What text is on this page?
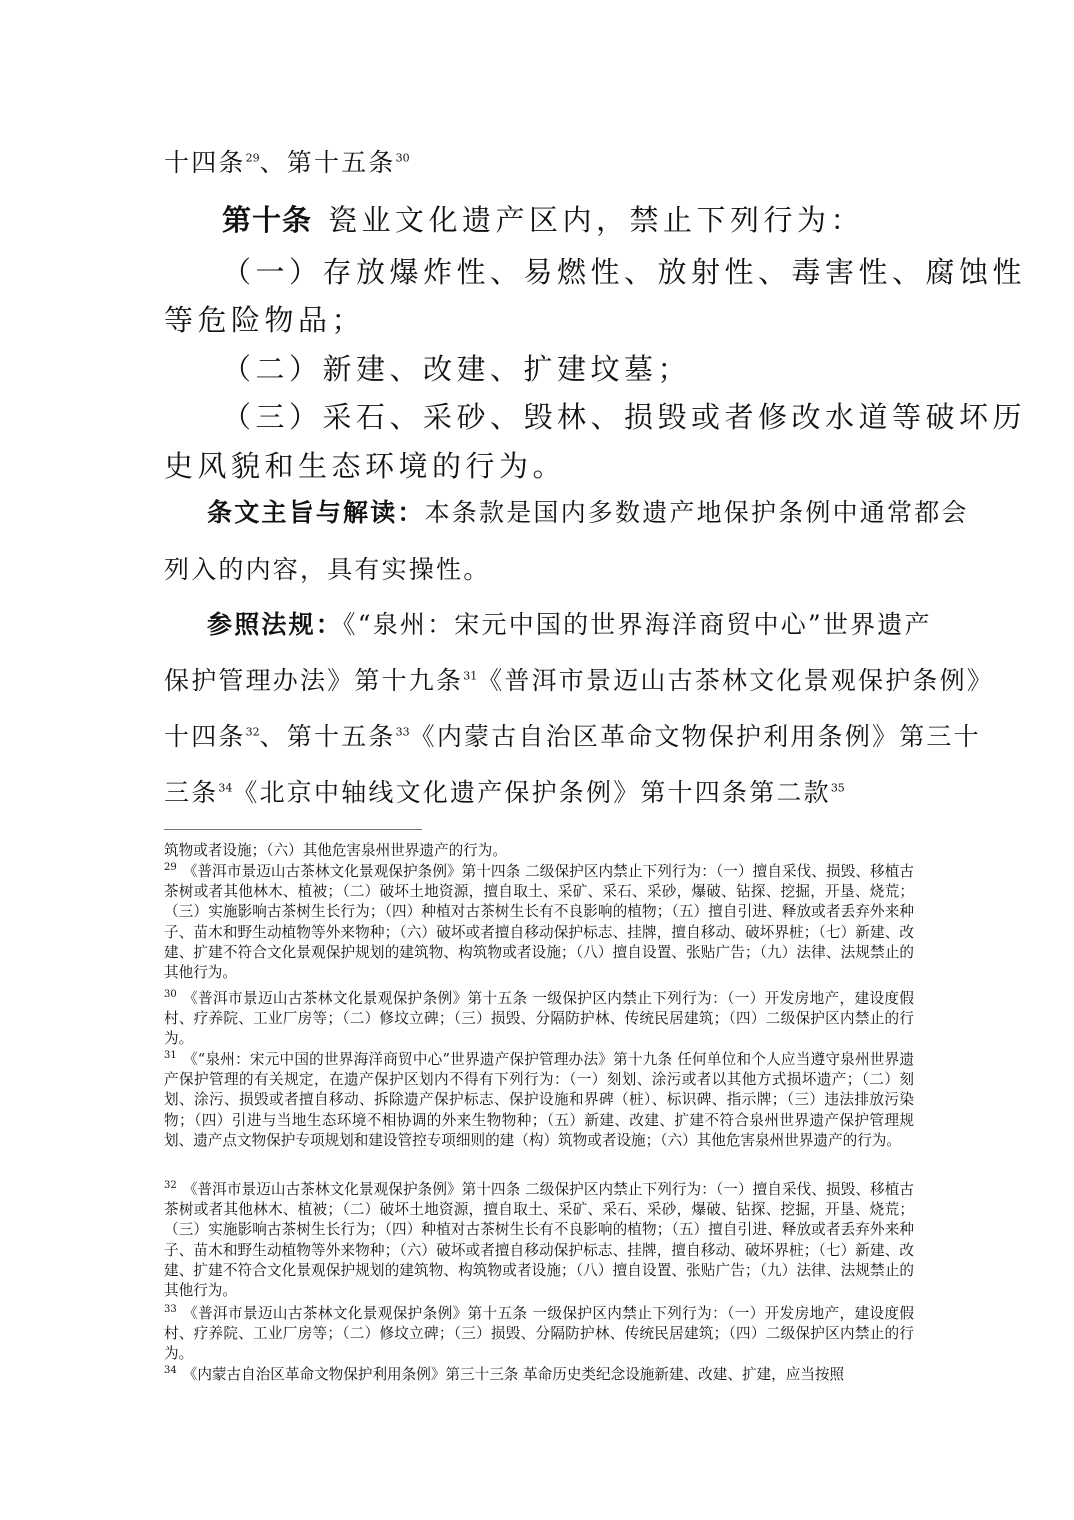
十四条$^{29}$、第十五条$^{30}$
第十条 瓷业文化遗产区内，禁止下列行为：
（一）存放爆炸性、易燃性、放射性、毒害性、腐蚀性
等危险物品；
（二）新建、改建、扩建坟墓；
（三）采石、采砂、毁林、损毁或者修改水道等破坏历
史风貌和生态环境的行为。
条文主旨与解读：本条款是国内多数遗产地保护条例中通常都会
列入的内容，具有实操性。
参照法规：《“泉州：宋元中国的世界海洋商贸中心”世界遗产
保护管理办法》第十九条$^{31}$《普洱市景迈山古茶林文化景观保护条例》
十四条$^{32}$、第十五条$^{33}$《内蒙古自治区革命文物保护利用条例》第三十
三条$^{34}$《北京中轴线文化遗产保护条例》第十四条第二款$^{35}$
筑物或者设施；（六）其他危害泉州世界遗产的行为。
$^{29}$ 《普洱市景迈山古茶林文化景观保护条例》第十四条 二级保护区内禁止下列行为：（一）擅自采伐、损毁、移植古茶树或者其他林木、植被；（二）破坏土地资源，擅自取土、采矿、采石、采砂，爆破、钻探、挖掘，开垦、烧荒；（三）实施影响古茶树生长行为；（四）种植对古茶树生长有不良影响的植物；（五）擅自引进、释放或者丢弃外来种子、苗木和野生动植物等外来物种；（六）破坏或者擅自移动保护标志、挂牌，擅自移动、破坏界桩；（七）新建、改建、扩建不符合文化景观保护规划的建筑物、构筑物或者设施；（八）擅自设置、张贴广告；（九）法律、法规禁止的其他行为。
$^{30}$ 《普洱市景迈山古茶林文化景观保护条例》第十五条 一级保护区内禁止下列行为：（一）开发房地产，建设度假村、疗养院、工业厂房等；（二）修坟立碑；（三）损毁、分隔防护林、传统民居建筑；（四）二级保护区内禁止的行为。
$^{31}$ 《“泉州：宋元中国的世界海洋商贸中心”世界遗产保护管理办法》第十九条 任何单位和个人应当遵守泉州世界遗产保护管理的有关规定，在遗产保护区划内不得有下列行为：（一）刻划、涂污或者以其他方式损坏遗产；（二）刻划、涂污、损毁或者擅自移动、拆除遗产保护标志、保护设施和界碑（桩）、标识碑、指示牌；（三）违法排放污染物；（四）引进与当地生态环境不相协调的外来生物物种；（五）新建、改建、扩建不符合泉州世界遗产保护管理规划、遗产点文物保护专项规划和建设管控专项细则的建（构）筑物或者设施；（六）其他危害泉州世界遗产的行为。
$^{32}$ 《普洱市景迈山古茶林文化景观保护条例》第十四条 二级保护区内禁止下列行为：（一）擅自采伐、损毁、移植古茶树或者其他林木、植被；（二）破坏土地资源，擅自取土、采矿、采石、采砂，爆破、钻探、挖掘，开垦、烧荒；（三）实施影响古茶树生长行为；（四）种植对古茶树生长有不良影响的植物；（五）擅自引进、释放或者丢弃外来种子、苗木和野生动植物等外来物种；（六）破坏或者擅自移动保护标志、挂牌，擅自移动、破坏界桩；（七）新建、改建、扩建不符合文化景观保护规划的建筑物、构筑物或者设施；（八）擅自设置、张贴广告；（九）法律、法规禁止的其他行为。
$^{33}$ 《普洱市景迈山古茶林文化景观保护条例》第十五条 一级保护区内禁止下列行为：（一）开发房地产，建设度假村、疗养院、工业厂房等；（二）修坟立碑；（三）损毁、分隔防护林、传统民居建筑；（四）二级保护区内禁止的行为。
$^{34}$ 《内蒙古自治区革命文物保护利用条例》第三十三条 革命历史类纪念设施新建、改建、扩建，应当按照
